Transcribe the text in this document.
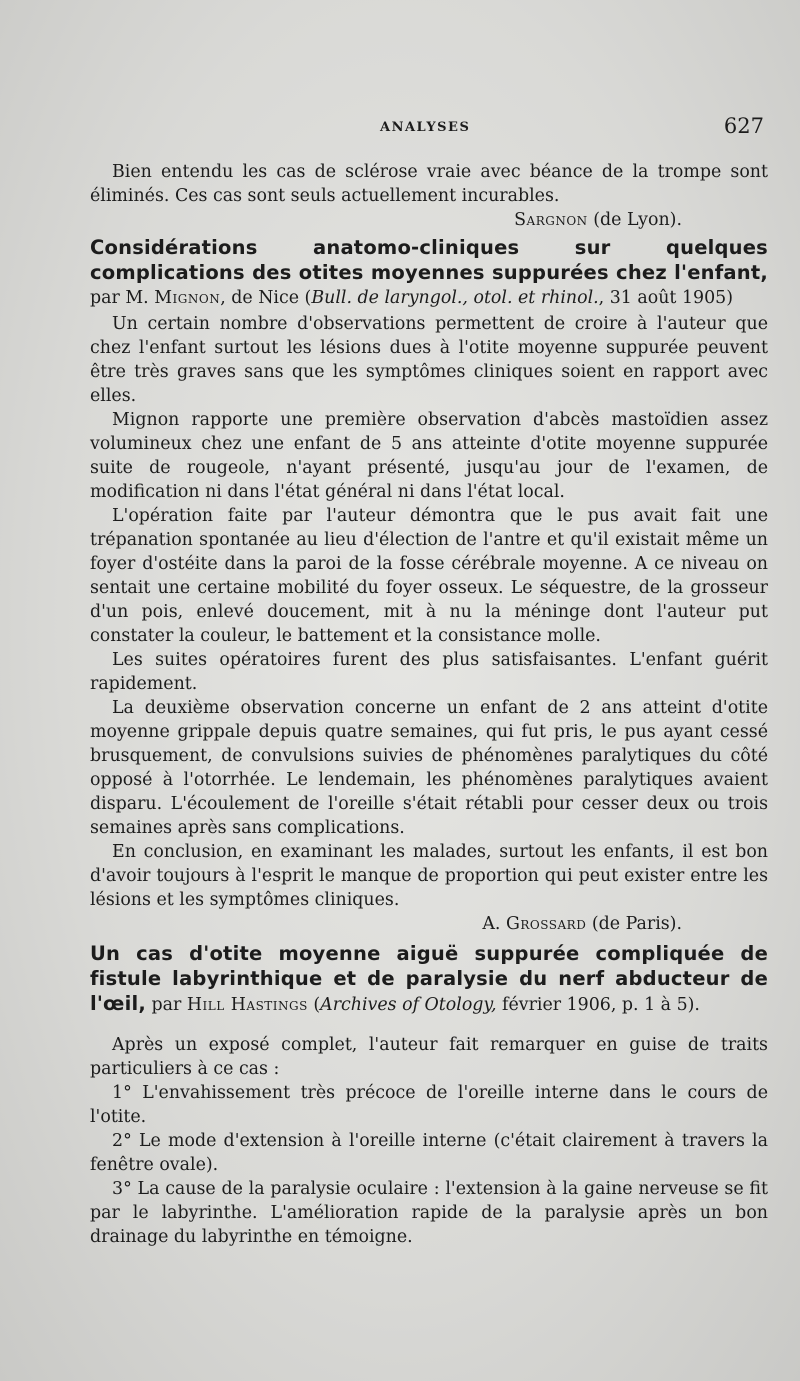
ANALYSES	627

Bien entendu les cas de sclérose vraie avec béance de la trompe sont éliminés. Ces cas sont seuls actuellement incurables.

Sargnon (de Lyon).

Considérations anatomo-cliniques sur quelques complications des otites moyennes suppurées chez l'enfant, par M. Mignon, de Nice (Bull. de laryngol., otol. et rhinol., 31 août 1905)

Un certain nombre d'observations permettent de croire à l'auteur que chez l'enfant surtout les lésions dues à l'otite moyenne suppurée peuvent être très graves sans que les symptômes cliniques soient en rapport avec elles.

Mignon rapporte une première observation d'abcès mastoïdien assez volumineux chez une enfant de 5 ans atteinte d'otite moyenne suppurée suite de rougeole, n'ayant présenté, jusqu'au jour de l'examen, de modification ni dans l'état général ni dans l'état local.

L'opération faite par l'auteur démontra que le pus avait fait une trépanation spontanée au lieu d'élection de l'antre et qu'il existait même un foyer d'ostéite dans la paroi de la fosse cérébrale moyenne. A ce niveau on sentait une certaine mobilité du foyer osseux. Le séquestre, de la grosseur d'un pois, enlevé doucement, mit à nu la méninge dont l'auteur put constater la couleur, le battement et la consistance molle.

Les suites opératoires furent des plus satisfaisantes. L'enfant guérit rapidement.

La deuxième observation concerne un enfant de 2 ans atteint d'otite moyenne grippale depuis quatre semaines, qui fut pris, le pus ayant cessé brusquement, de convulsions suivies de phénomènes paralytiques du côté opposé à l'otorrhée. Le lendemain, les phénomènes paralytiques avaient disparu. L'écoulement de l'oreille s'était rétabli pour cesser deux ou trois semaines après sans complications.

En conclusion, en examinant les malades, surtout les enfants, il est bon d'avoir toujours à l'esprit le manque de proportion qui peut exister entre les lésions et les symptômes cliniques.

A. Grossard (de Paris).

Un cas d'otite moyenne aiguë suppurée compliquée de fistule labyrinthique et de paralysie du nerf abducteur de l'œil, par Hill Hastings (Archives of Otology, février 1906, p. 1 à 5).

Après un exposé complet, l'auteur fait remarquer en guise de traits particuliers à ce cas :

1° L'envahissement très précoce de l'oreille interne dans le cours de l'otite.

2° Le mode d'extension à l'oreille interne (c'était clairement à travers la fenêtre ovale).

3° La cause de la paralysie oculaire : l'extension à la gaine nerveuse se fit par le labyrinthe. L'amélioration rapide de la paralysie après un bon drainage du labyrinthe en témoigne.
